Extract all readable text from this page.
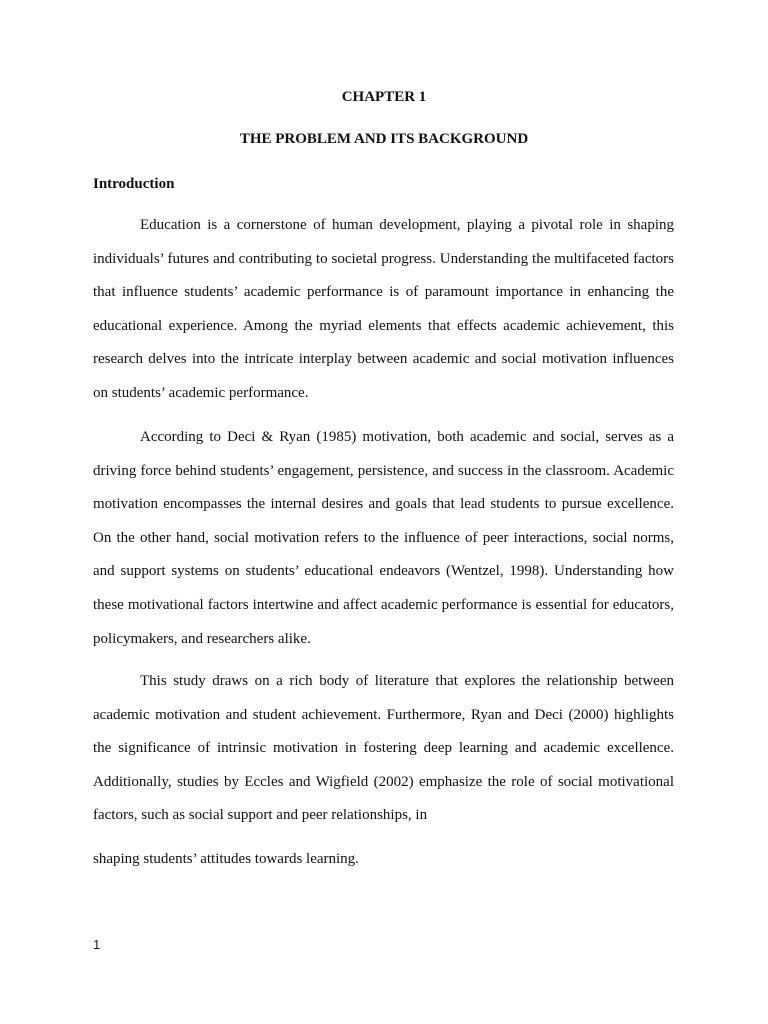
CHAPTER 1
THE PROBLEM AND ITS BACKGROUND
Introduction

Education is a cornerstone of human development, playing a pivotal role in shaping individuals’ futures and contributing to societal progress. Understanding the multifaceted factors that influence students’ academic performance is of paramount importance in enhancing the educational experience. Among the myriad elements that effects academic achievement, this research delves into the intricate interplay between academic and social motivation influences on students’ academic performance.

According to Deci & Ryan (1985) motivation, both academic and social, serves as a driving force behind students’ engagement, persistence, and success in the classroom. Academic motivation encompasses the internal desires and goals that lead students to pursue excellence. On the other hand, social motivation refers to the influence of peer interactions, social norms, and support systems on students’ educational endeavors (Wentzel, 1998). Understanding how these motivational factors intertwine and affect academic performance is essential for educators, policymakers, and researchers alike.

This study draws on a rich body of literature that explores the relationship between academic motivation and student achievement. Furthermore, Ryan and Deci (2000) highlights the significance of intrinsic motivation in fostering deep learning and academic excellence. Additionally, studies by Eccles and Wigfield (2002) emphasize the role of social motivational factors, such as social support and peer relationships, in

shaping students’ attitudes towards learning.

1
